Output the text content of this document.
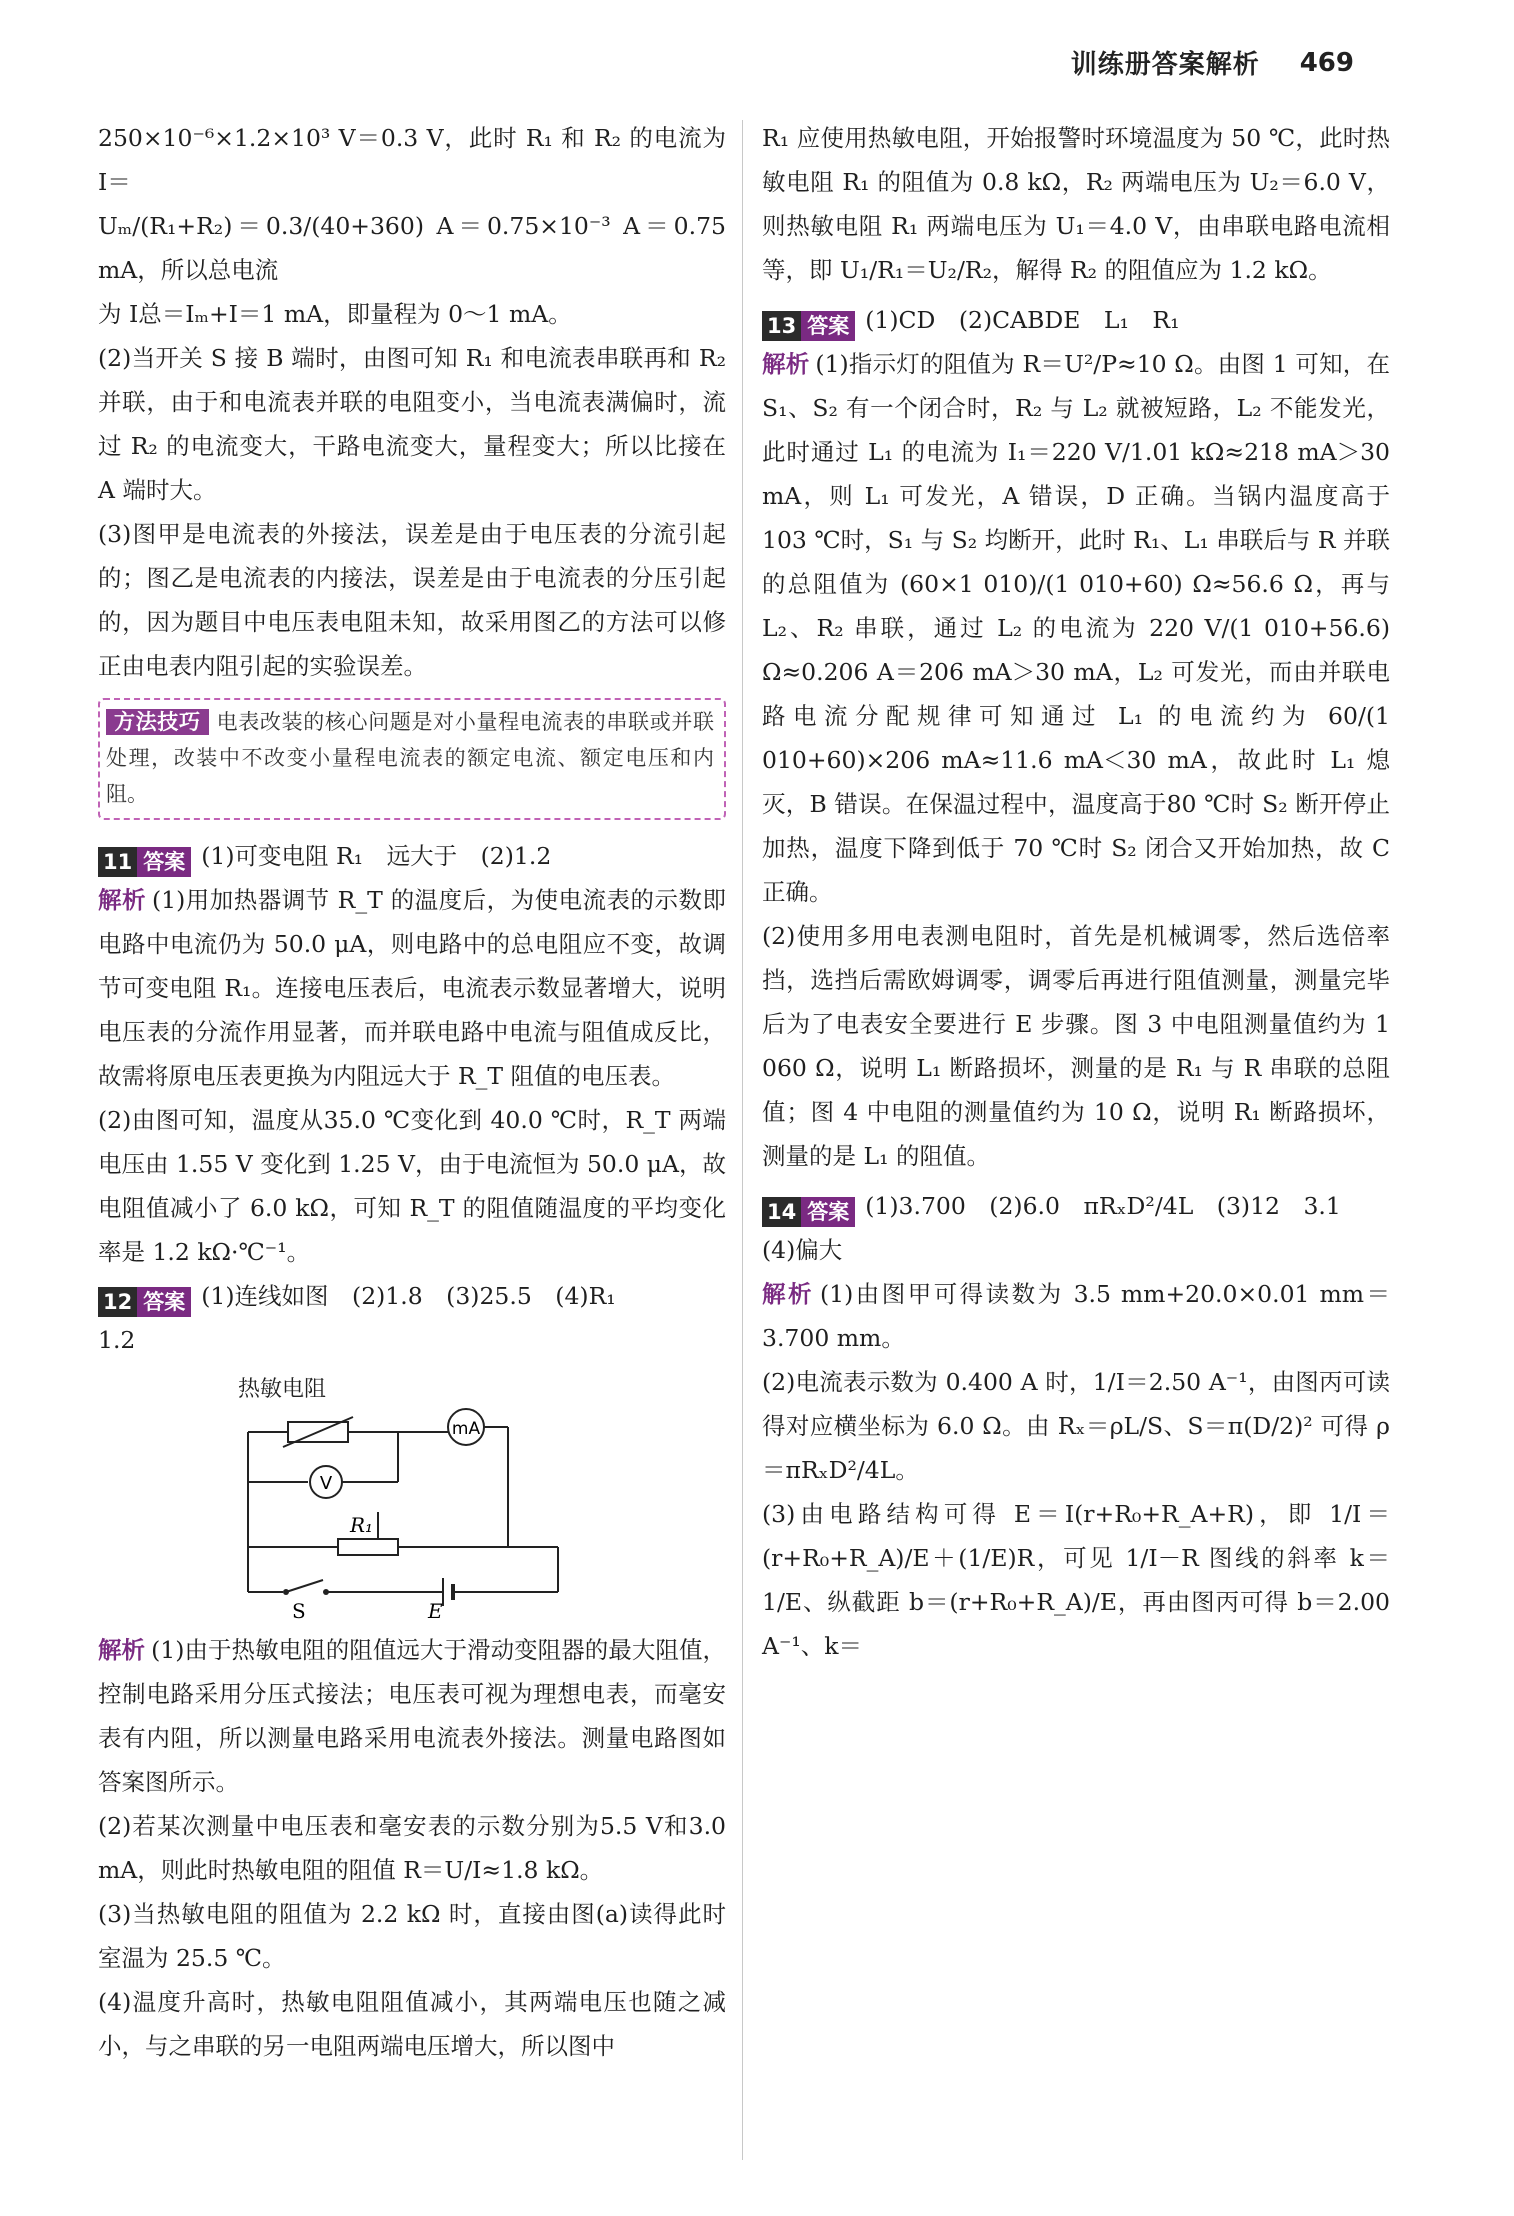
训练册答案解析 469

250×10⁻⁶×1.2×10³ V＝0.3 V，此时 R₁ 和 R₂ 的电流为 I＝

Uₘ/(R₁+R₂)＝0.3/(40+360) A＝0.75×10⁻³ A＝0.75 mA，所以总电流

为 I总＝Iₘ+I＝1 mA，即量程为 0～1 mA。

(2)当开关 S 接 B 端时，由图可知 R₁ 和电流表串联再和 R₂ 并联，由于和电流表并联的电阻变小，当电流表满偏时，流过 R₂ 的电流变大，干路电流变大，量程变大；所以比接在 A 端时大。

(3)图甲是电流表的外接法，误差是由于电压表的分流引起的；图乙是电流表的内接法，误差是由于电流表的分压引起的，因为题目中电压表电阻未知，故采用图乙的方法可以修正由电表内阻引起的实验误差。

方法技巧 电表改装的核心问题是对小量程电流表的串联或并联处理，改装中不改变小量程电流表的额定电流、额定电压和内阻。

11 答案 (1)可变电阻 R₁　远大于　(2)1.2

解析 (1)用加热器调节 R_T 的温度后，为使电流表的示数即电路中电流仍为 50.0 μA，则电路中的总电阻应不变，故调节可变电阻 R₁。连接电压表后，电流表示数显著增大，说明电压表的分流作用显著，而并联电路中电流与阻值成反比，故需将原电压表更换为内阻远大于 R_T 阻值的电压表。

(2)由图可知，温度从35.0 ℃变化到 40.0 ℃时，R_T 两端电压由 1.55 V 变化到 1.25 V，由于电流恒为 50.0 μA，故电阻值减小了 6.0 kΩ，可知 R_T 的阻值随温度的平均变化率是 1.2 kΩ·℃⁻¹。

12 答案 (1)连线如图　(2)1.8　(3)25.5　(4)R₁

1.2

热敏电阻
mA
V
R₁
S	E

解析 (1)由于热敏电阻的阻值远大于滑动变阻器的最大阻值，控制电路采用分压式接法；电压表可视为理想电表，而毫安表有内阻，所以测量电路采用电流表外接法。测量电路图如答案图所示。

(2)若某次测量中电压表和毫安表的示数分别为5.5 V和3.0 mA，则此时热敏电阻的阻值 R＝U/I≈1.8 kΩ。

(3)当热敏电阻的阻值为 2.2 kΩ 时，直接由图(a)读得此时室温为 25.5 ℃。

(4)温度升高时，热敏电阻阻值减小，其两端电压也随之减小，与之串联的另一电阻两端电压增大，所以图中

R₁ 应使用热敏电阻，开始报警时环境温度为 50 ℃，此时热敏电阻 R₁ 的阻值为 0.8 kΩ，R₂ 两端电压为 U₂＝6.0 V，则热敏电阻 R₁ 两端电压为 U₁＝4.0 V，由串联电路电流相等，即 U₁/R₁＝U₂/R₂，解得 R₂ 的阻值应为 1.2 kΩ。

13 答案 (1)CD　(2)CABDE　L₁　R₁

解析 (1)指示灯的阻值为 R＝U²/P≈10 Ω。由图 1 可知，在 S₁、S₂ 有一个闭合时，R₂ 与 L₂ 就被短路，L₂ 不能发光，此时通过 L₁ 的电流为 I₁＝220 V/1.01 kΩ≈218 mA＞30 mA，则 L₁ 可发光，A 错误，D 正确。当锅内温度高于 103 ℃时，S₁ 与 S₂ 均断开，此时 R₁、L₁ 串联后与 R 并联的总阻值为 (60×1 010)/(1 010+60) Ω≈56.6 Ω，再与 L₂、R₂ 串联，通过 L₂ 的电流为 220 V/(1 010+56.6) Ω≈0.206 A＝206 mA＞30 mA，L₂ 可发光，而由并联电路电流分配规律可知通过 L₁ 的电流约为 60/(1 010+60)×206 mA≈11.6 mA＜30 mA，故此时 L₁ 熄灭，B 错误。在保温过程中，温度高于80 ℃时 S₂ 断开停止加热，温度下降到低于 70 ℃时 S₂ 闭合又开始加热，故 C 正确。

(2)使用多用电表测电阻时，首先是机械调零，然后选倍率挡，选挡后需欧姆调零，调零后再进行阻值测量，测量完毕后为了电表安全要进行 E 步骤。图 3 中电阻测量值约为 1 060 Ω，说明 L₁ 断路损坏，测量的是 R₁ 与 R 串联的总阻值；图 4 中电阻的测量值约为 10 Ω，说明 R₁ 断路损坏，测量的是 L₁ 的阻值。

14 答案 (1)3.700　(2)6.0　πRₓD²/4L　(3)12　3.1

(4)偏大

解析 (1)由图甲可得读数为 3.5 mm+20.0×0.01 mm＝3.700 mm。

(2)电流表示数为 0.400 A 时，1/I＝2.50 A⁻¹，由图丙可读得对应横坐标为 6.0 Ω。由 Rₓ＝ρL/S、S＝π(D/2)² 可得 ρ＝πRₓD²/4L。

(3)由电路结构可得 E＝I(r+R₀+R_A+R)，即 1/I＝(r+R₀+R_A)/E＋(1/E)R，可见 1/I－R 图线的斜率 k＝1/E、纵截距 b＝(r+R₀+R_A)/E，再由图丙可得 b＝2.00 A⁻¹、k＝
